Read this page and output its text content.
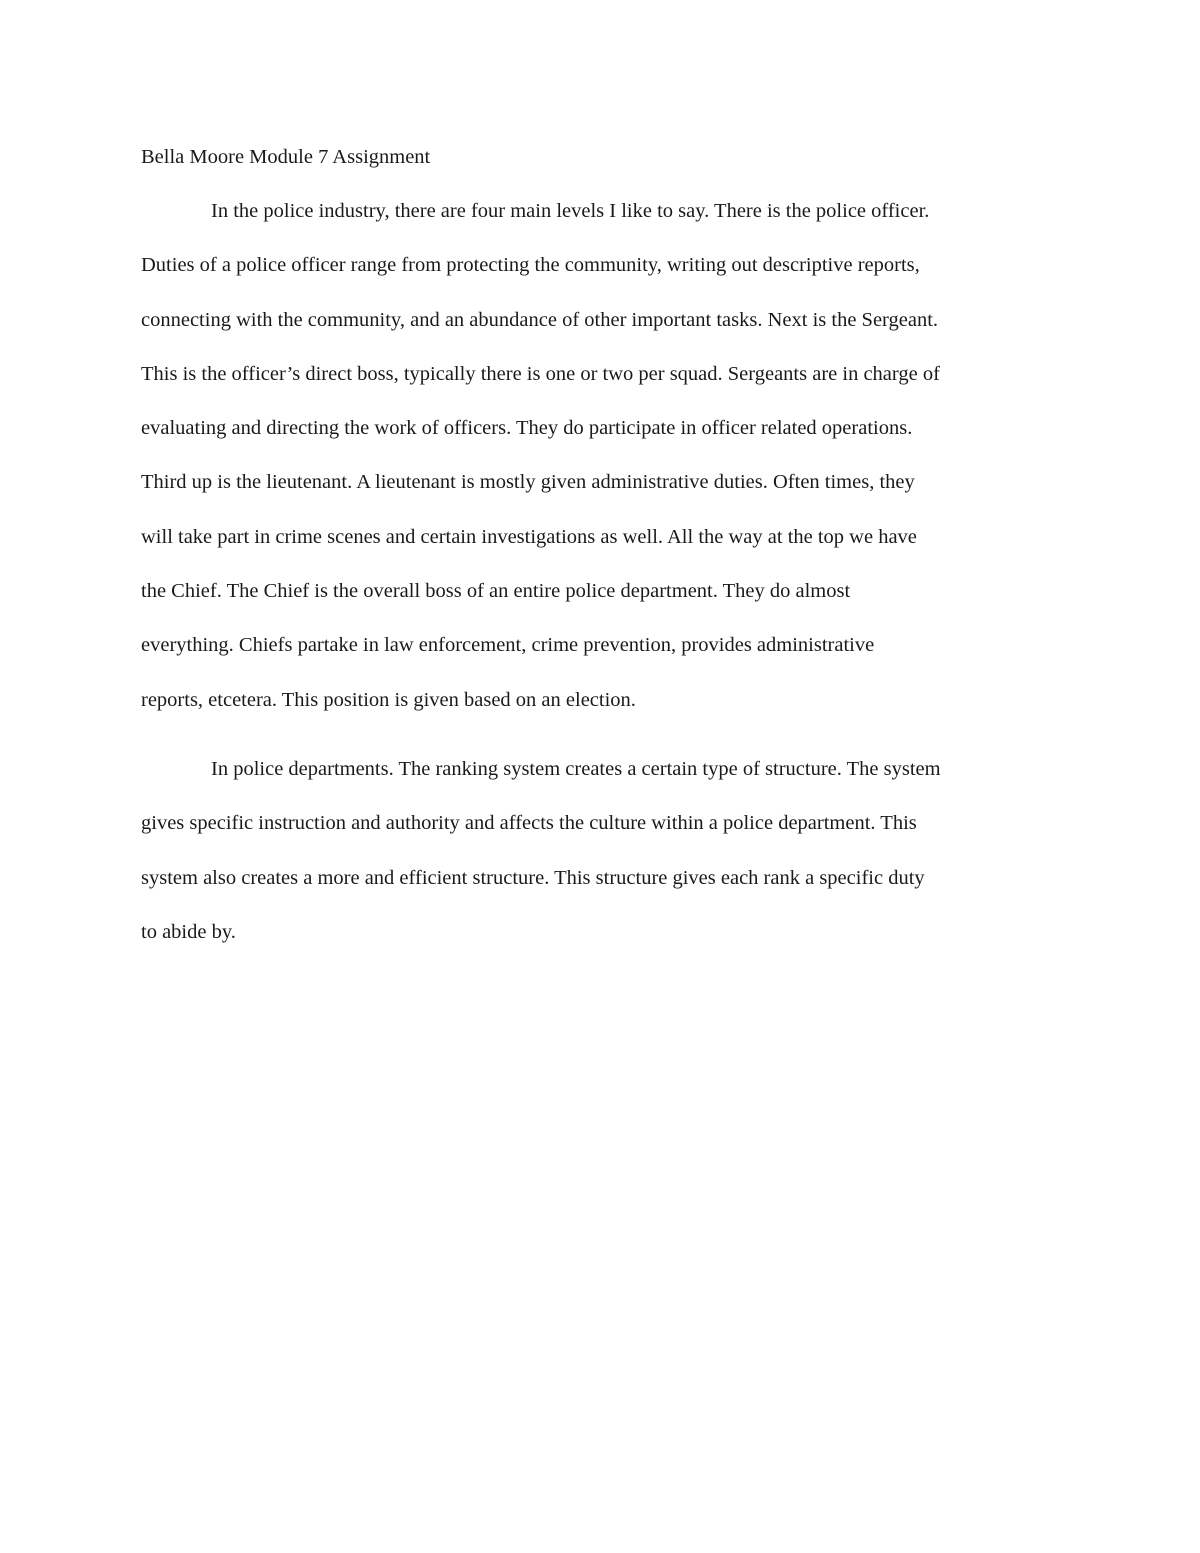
Bella Moore Module 7 Assignment
In the police industry, there are four main levels I like to say. There is the police officer.
Duties of a police officer range from protecting the community, writing out descriptive reports,
connecting with the community, and an abundance of other important tasks. Next is the Sergeant.
This is the officer’s direct boss, typically there is one or two per squad. Sergeants are in charge of
evaluating and directing the work of officers. They do participate in officer related operations.
Third up is the lieutenant. A lieutenant is mostly given administrative duties. Often times, they
will take part in crime scenes and certain investigations as well. All the way at the top we have
the Chief. The Chief is the overall boss of an entire police department. They do almost
everything. Chiefs partake in law enforcement, crime prevention, provides administrative
reports, etcetera. This position is given based on an election.
In police departments. The ranking system creates a certain type of structure. The system
gives specific instruction and authority and affects the culture within a police department. This
system also creates a more and efficient structure. This structure gives each rank a specific duty
to abide by.
